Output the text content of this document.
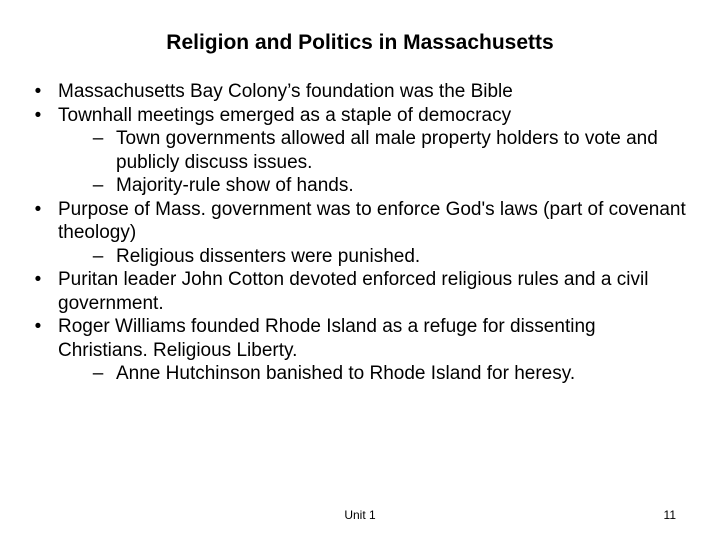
Religion and Politics in Massachusetts
• Massachusetts Bay Colony’s foundation was the Bible
• Townhall meetings emerged as a staple of democracy
– Town governments allowed all male property holders to vote and publicly discuss issues.
– Majority-rule show of hands.
• Purpose of Mass. government was to enforce God's laws (part of covenant theology)
– Religious dissenters were punished.
• Puritan leader John Cotton devoted enforced religious rules and a civil government.
• Roger Williams founded Rhode Island as a refuge for dissenting Christians. Religious Liberty.
– Anne Hutchinson banished to Rhode Island for heresy.
Unit 1	11
